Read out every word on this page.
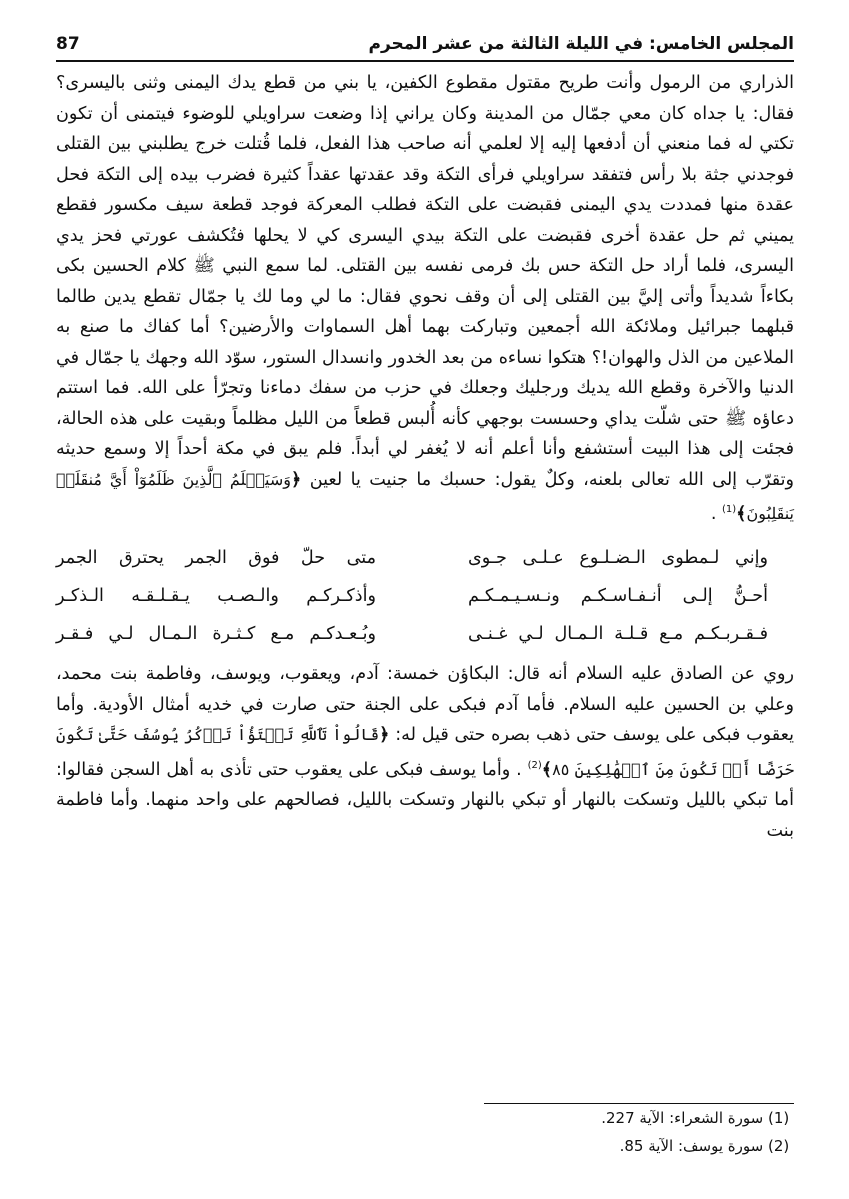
المجلس الخامس: في الليلة الثالثة من عشر المحرم
87

الذراري من الرمول وأنت طريح مقتول مقطوع الكفين، يا بني من قطع يدك اليمنى وثنى باليسرى؟ فقال: يا جداه كان معي جمّال من المدينة وكان يراني إذا وضعت سراويلي للوضوء فيتمنى أن تكون تكتي له فما منعني أن أدفعها إليه إلا لعلمي أنه صاحب هذا الفعل، فلما قُتلت خرج يطلبني بين القتلى فوجدني جثة بلا رأس فتفقد سراويلي فرأى التكة وقد عقدتها عقداً كثيرة فضرب بيده إلى التكة فحل عقدة منها فمددت يدي اليمنى فقبضت على التكة فطلب المعركة فوجد قطعة سيف مكسور فقطع يميني ثم حل عقدة أخرى فقبضت على التكة بيدي اليسرى كي لا يحلها فتُكشف عورتي فحز يدي اليسرى، فلما أراد حل التكة حس بك فرمى نفسه بين القتلى. لما سمع النبي ﷺ كلام الحسين بكى بكاءاً شديداً وأتى إليَّ بين القتلى إلى أن وقف نحوي فقال: ما لي وما لك يا جمّال تقطع يدين طالما قبلهما جبرائيل وملائكة الله أجمعين وتباركت بهما أهل السماوات والأرضين؟ أما كفاك ما صنع به الملاعين من الذل والهوان!؟ هتكوا نساءه من بعد الخدور وانسدال الستور، سوّد الله وجهك يا جمّال في الدنيا والآخرة وقطع الله يديك ورجليك وجعلك في حزب من سفك دماءنا وتجرّأ على الله. فما استتم دعاؤه ﷺ حتى شلّت يداي وحسست بوجهي كأنه أُلبس قطعاً من الليل مظلماً وبقيت على هذه الحالة، فجئت إلى هذا البيت أستشفع وأنا أعلم أنه لا يُغفر لي أبداً. فلم يبق في مكة أحداً إلا وسمع حديثه وتقرّب إلى الله تعالى بلعنه، وكلٌ يقول: حسبك ما جنيت يا لعين ﴿وَسَيَعۡلَمُ ٱلَّذِينَ ظَلَمُوٓاْ أَيَّ مُنقَلَبٖ يَنقَلِبُونَ﴾$^{(1)}$ .

وإني لـمطوى الـضـلـوع عـلـى جـوى
متى حلّ فوق الجمر يحترق الجمر
أحـنُّ إلـى أنـفـاسـكـم ونـسـيـمـكـم
وأذكـركـم والـصـب يـقـلـقـه الـذكـر
فـقـربـكـم مـع قـلـة الـمـال لـي غـنـى
وبُـعـدكـم مـع كـثـرة الـمـال لـي فـقـر

روي عن الصادق عليه السلام أنه قال: البكاؤن خمسة: آدم، ويعقوب، ويوسف، وفاطمة بنت محمد، وعلي بن الحسين عليه السلام. فأما آدم فبكى على الجنة حتى صارت في خديه أمثال الأودية. وأما يعقوب فبكى على يوسف حتى ذهب بصره حتى قيل له: ﴿قَالُواْ تَٱللَّهِ تَفۡتَؤُاْ تَذۡكُرُ يُوسُفَ حَتَّىٰ تَكُونَ حَرَضًا أَوۡ تَكُونَ مِنَ ٱلۡهَٰلِكِينَ ٨٥﴾$^{(2)}$ . وأما يوسف فبكى على يعقوب حتى تأذى به أهل السجن فقالوا: أما تبكي بالليل وتسكت بالنهار أو تبكي بالنهار وتسكت بالليل، فصالحهم على واحد منهما. وأما فاطمة بنت

(1) سورة الشعراء: الآية 227.
(2) سورة يوسف: الآية 85.
